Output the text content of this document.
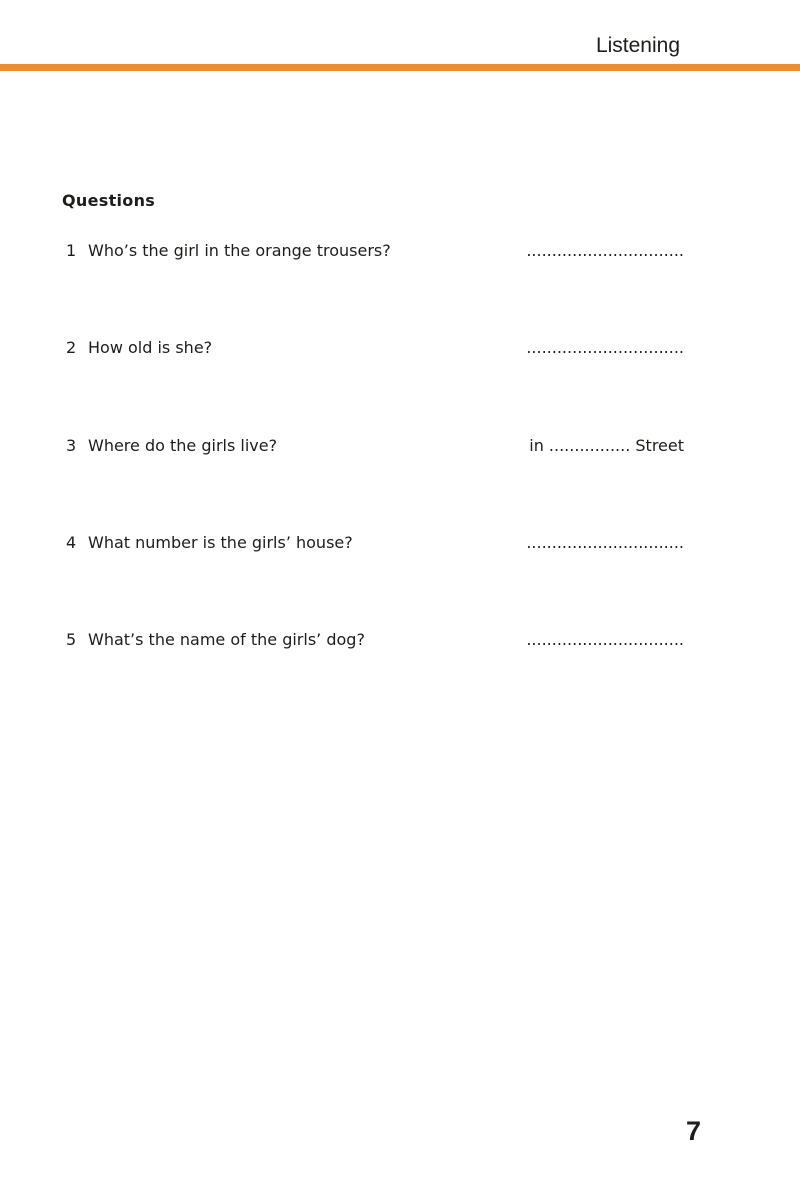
Listening
Questions
1 Who’s the girl in the orange trousers?	...............................
2 How old is she?	...............................
3 Where do the girls live?	in ................ Street
4 What number is the girls’ house?	...............................
5 What’s the name of the girls’ dog?	...............................
7
